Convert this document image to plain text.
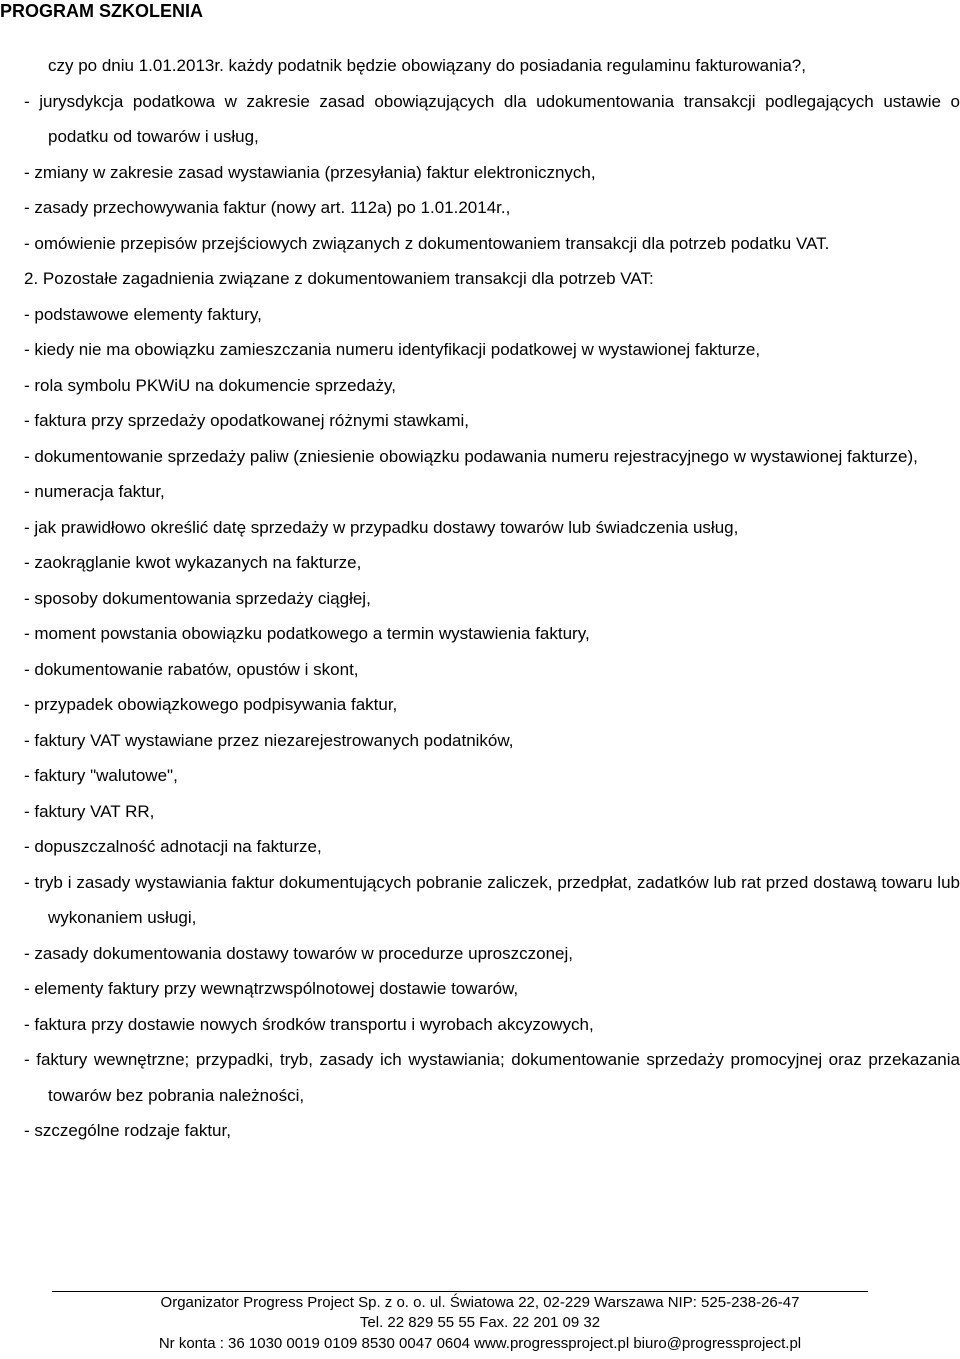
PROGRAM SZKOLENIA

czy po dniu 1.01.2013r. każdy podatnik będzie obowiązany do posiadania regulaminu fakturowania?,

- jurysdykcja podatkowa w zakresie zasad obowiązujących dla udokumentowania transakcji podlegających ustawie o podatku od towarów i usług,

- zmiany w zakresie zasad wystawiania (przesyłania) faktur elektronicznych,

- zasady przechowywania faktur (nowy art. 112a) po 1.01.2014r.,

- omówienie przepisów przejściowych związanych z dokumentowaniem transakcji dla potrzeb podatku VAT.

2. Pozostałe zagadnienia związane z dokumentowaniem transakcji dla potrzeb VAT:

- podstawowe elementy faktury,

- kiedy nie ma obowiązku zamieszczania numeru identyfikacji podatkowej w wystawionej fakturze,

- rola symbolu PKWiU na dokumencie sprzedaży,

- faktura przy sprzedaży opodatkowanej różnymi stawkami,

- dokumentowanie sprzedaży paliw (zniesienie obowiązku podawania numeru rejestracyjnego w wystawionej fakturze),

- numeracja faktur,

- jak prawidłowo określić datę sprzedaży w przypadku dostawy towarów lub świadczenia usług,

- zaokrąglanie kwot wykazanych na fakturze,

- sposoby dokumentowania sprzedaży ciągłej,

- moment powstania obowiązku podatkowego a termin wystawienia faktury,

- dokumentowanie rabatów, opustów i skont,

- przypadek obowiązkowego podpisywania faktur,

- faktury VAT wystawiane przez niezarejestrowanych podatników,

- faktury "walutowe",

- faktury VAT RR,

- dopuszczalność adnotacji na fakturze,

- tryb i zasady wystawiania faktur dokumentujących pobranie zaliczek, przedpłat, zadatków lub rat przed dostawą towaru lub wykonaniem usługi,

- zasady dokumentowania dostawy towarów w procedurze uproszczonej,

- elementy faktury przy wewnątrzwspólnotowej dostawie towarów,

- faktura przy dostawie nowych środków transportu i wyrobach akcyzowych,

- faktury wewnętrzne; przypadki, tryb, zasady ich wystawiania; dokumentowanie sprzedaży promocyjnej oraz przekazania towarów bez pobrania należności,

- szczególne rodzaje faktur,

Organizator Progress Project Sp. z o. o. ul. Światowa 22, 02-229 Warszawa NIP: 525-238-26-47
Tel. 22 829 55 55 Fax. 22 201 09 32
Nr konta : 36 1030 0019 0109 8530 0047 0604 www.progressproject.pl biuro@progressproject.pl
